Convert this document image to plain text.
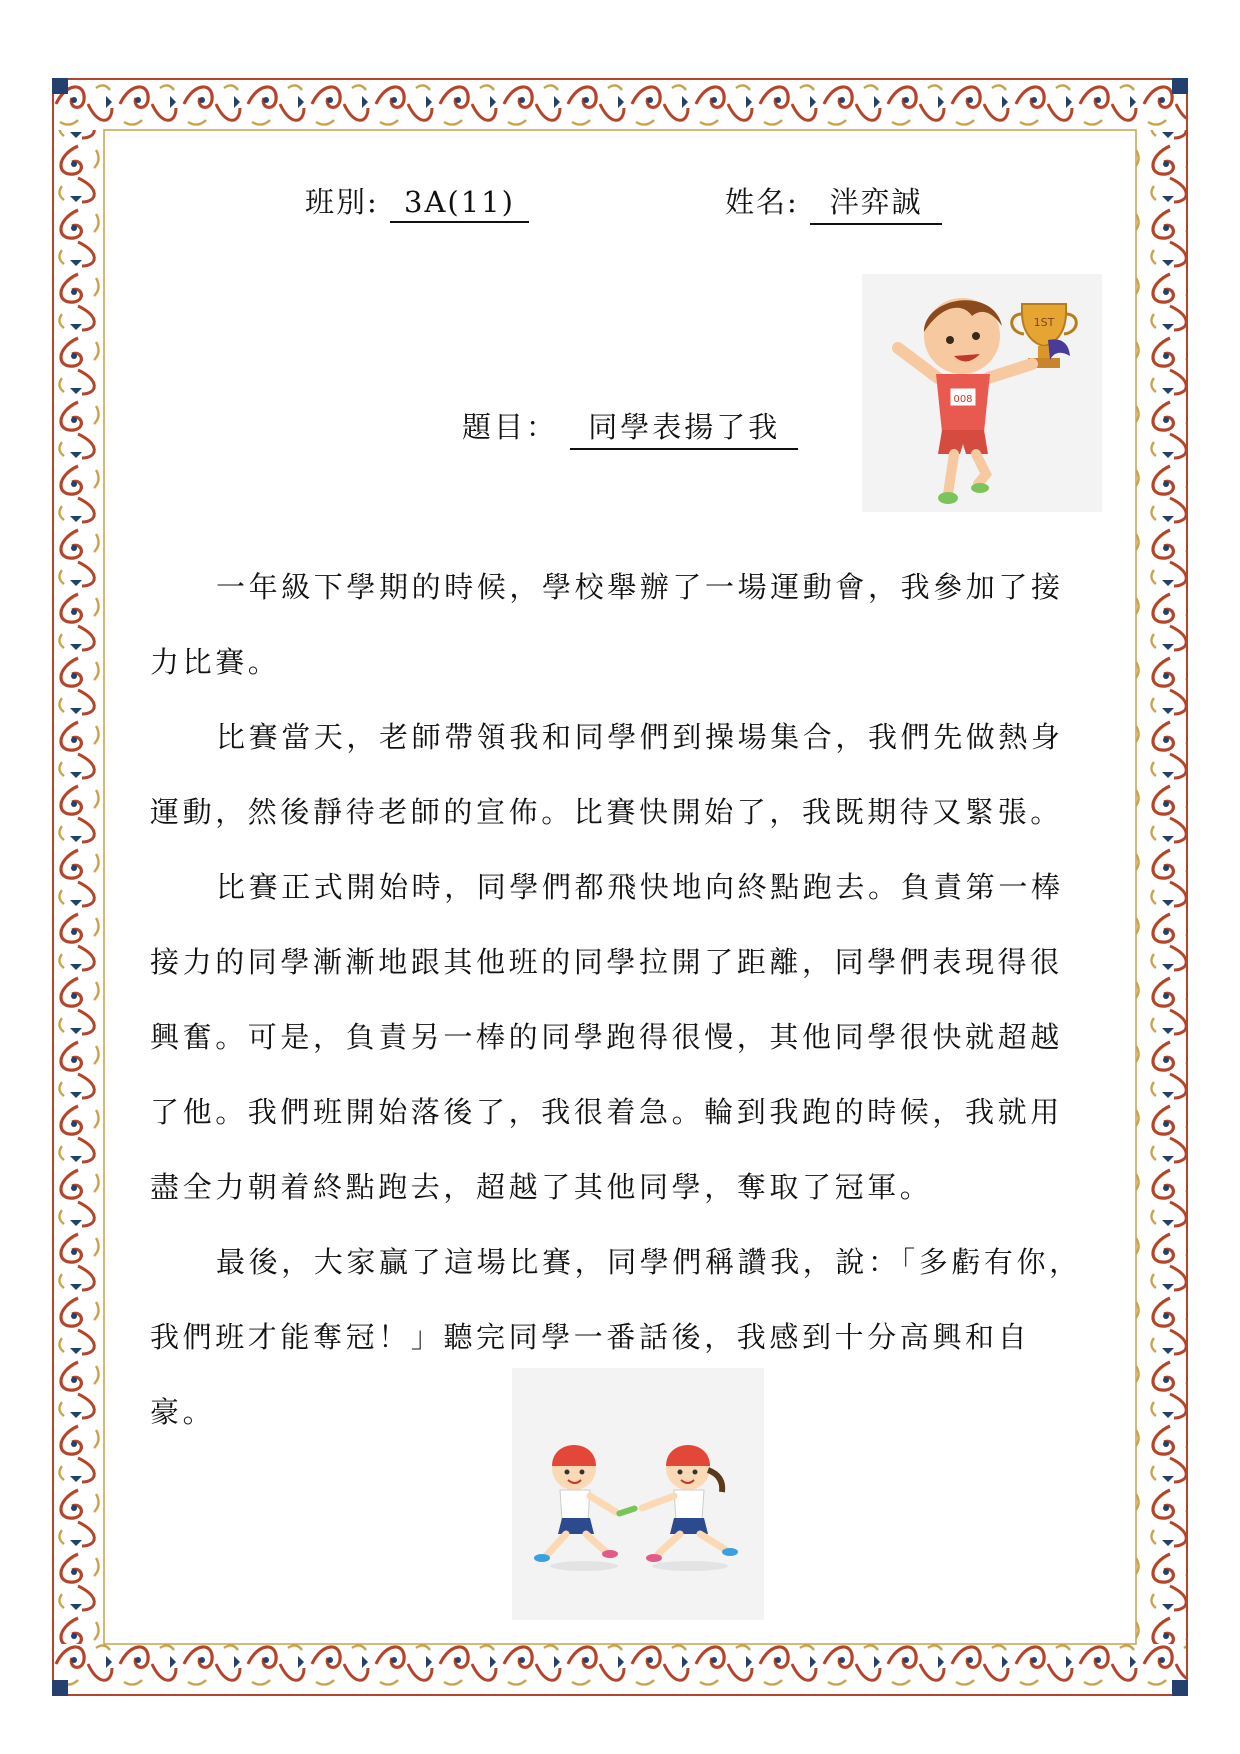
班別: 3A(11)	姓名: 泮弈誠
題目： 同學表揚了我
1ST
008

一年級下學期的時候，學校舉辦了一場運動會，我參加了接力比賽。

比賽當天，老師帶領我和同學們到操場集合，我們先做熱身運動，然後靜待老師的宣佈。比賽快開始了，我既期待又緊張。

比賽正式開始時，同學們都飛快地向終點跑去。負責第一棒接力的同學漸漸地跟其他班的同學拉開了距離，同學們表現得很興奮。可是，負責另一棒的同學跑得很慢，其他同學很快就超越了他。我們班開始落後了，我很着急。輪到我跑的時候，我就用盡全力朝着終點跑去，超越了其他同學，奪取了冠軍。

最後，大家贏了這場比賽，同學們稱讚我，說：「多虧有你，我們班才能奪冠！」聽完同學一番話後，我感到十分高興和自豪。
